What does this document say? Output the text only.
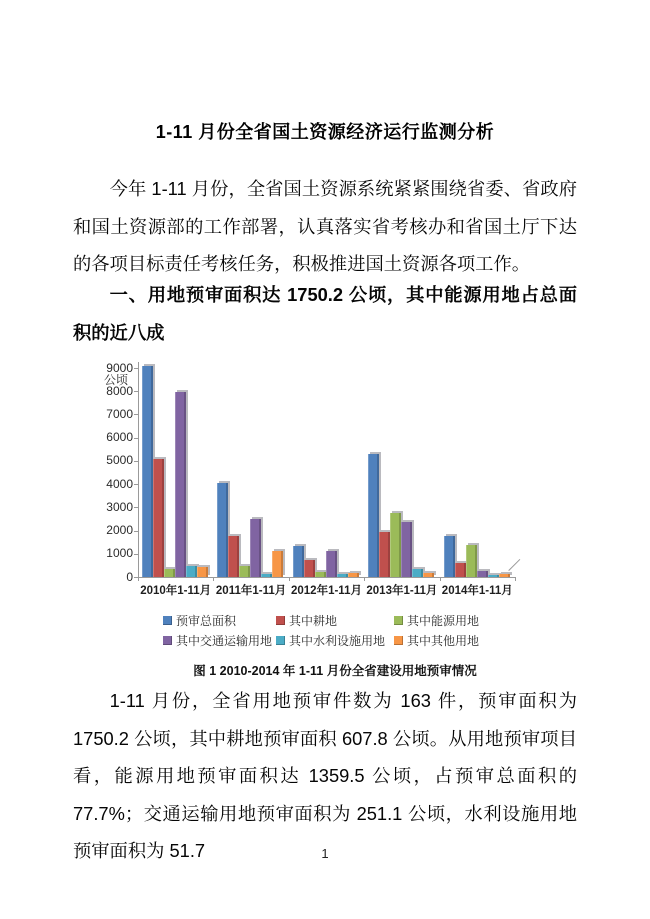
1-11 月份全省国土资源经济运行监测分析
今年 1-11 月份，全省国土资源系统紧紧围绕省委、省政府和国土资源部的工作部署，认真落实省考核办和省国土厅下达的各项目标责任考核任务，积极推进国土资源各项工作。
一、用地预审面积达 1750.2 公顷，其中能源用地占总面积的近八成
公顷
0
1000
2000
3000
4000
5000
6000
7000
8000
9000
2010年1-11月 2011年1-11月 2012年1-11月 2013年1-11月 2014年1-11月
预审总面积	其中耕地	其中能源用地
其中交通运输用地 其中水利设施用地 其中其他用地
图 1 2010-2014 年 1-11 月份全省建设用地预审情况
1-11 月份，全省用地预审件数为 163 件，预审面积为 1750.2 公顷，其中耕地预审面积 607.8 公顷。从用地预审项目看，能源用地预审面积达 1359.5 公顷，占预审总面积的 77.7%；交通运输用地预审面积为 251.1 公顷，水利设施用地预审面积为 51.7	1
